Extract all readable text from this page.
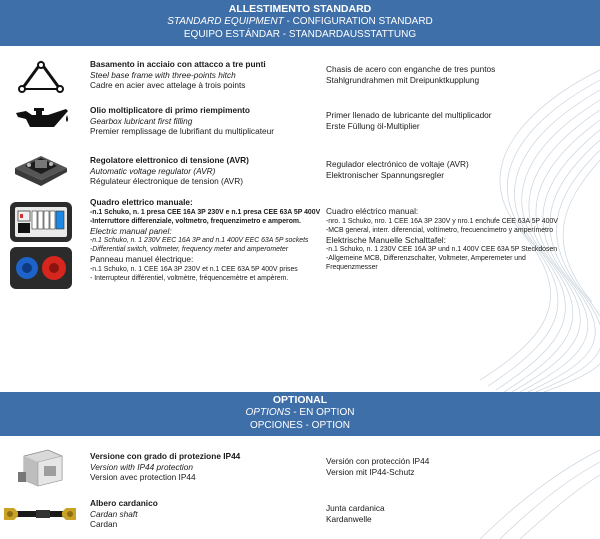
ALLESTIMENTO STANDARD
STANDARD EQUIPMENT - CONFIGURATION STANDARD
EQUIPO ESTÁNDAR - STANDARDAUSSTATTUNG
Basamento in acciaio con attacco a tre punti
Steel base frame with three-points hitch
Cadre en acier avec attelage à trois points
Chasis de acero con enganche de tres puntos
Stahlgrundrahmen mit Dreipunktkupplung
Olio moltiplicatore di primo riempimento
Gearbox lubricant first filling
Premier remplissage de lubrifiant du multiplicateur
Primer llenado de lubricante del multiplicador
Erste Füllung öl-Multiplier
Regolatore elettronico di tensione (AVR)
Automatic voltage regulator (AVR)
Régulateur électronique de tension (AVR)
Regulador electrónico de voltaje (AVR)
Elektronischer Spannungsregler
Quadro elettrico manuale:
-n.1 Schuko, n. 1 presa CEE 16A 3P 230V e n.1 presa CEE 63A 5P 400V
-Interruttore differenziale, voltmetro, frequenzimetro e amperom.
Electric manual panel:
-n.1 Schuko, n. 1 230V EEC 16A 3P and n.1 400V EEC 63A 5P sockets
-Differential switch, voltmeter, frequency meter and amperometer
Panneau manuel électrique:
-n.1 Schuko, n. 1 CEE 16A 3P 230V et n.1 CEE 63A 5P 400V prises
- Interrupteur différentiel, voltmètre, fréquencemètre et ampèrem.
Cuadro eléctrico manual:
-nro. 1 Schuko, nro. 1 CEE 16A 3P 230V y nro.1 enchufe CEE 63A 5P 400V
-MCB general, interr. diferencial, voltímetro, frecuencímetro y amperímetro
Elektrische Manuelle Schalttafel:
-n.1 Schuko, n. 1 230V CEE 16A 3P und n.1 400V CEE 63A 5P Steckdosen
-Allgemeine MCB, Differenzschalter, Voltmeter, Amperemeter und
Frequenzmesser
OPTIONAL
OPTIONS - EN OPTION
OPCIONES - OPTION
Versione con grado di protezione IP44
Version with IP44 protection
Version avec protection IP44
Versión con protección IP44
Version mit IP44-Schutz
Albero cardanico
Cardan shaft
Cardan
Junta cardanica
Kardanwelle
